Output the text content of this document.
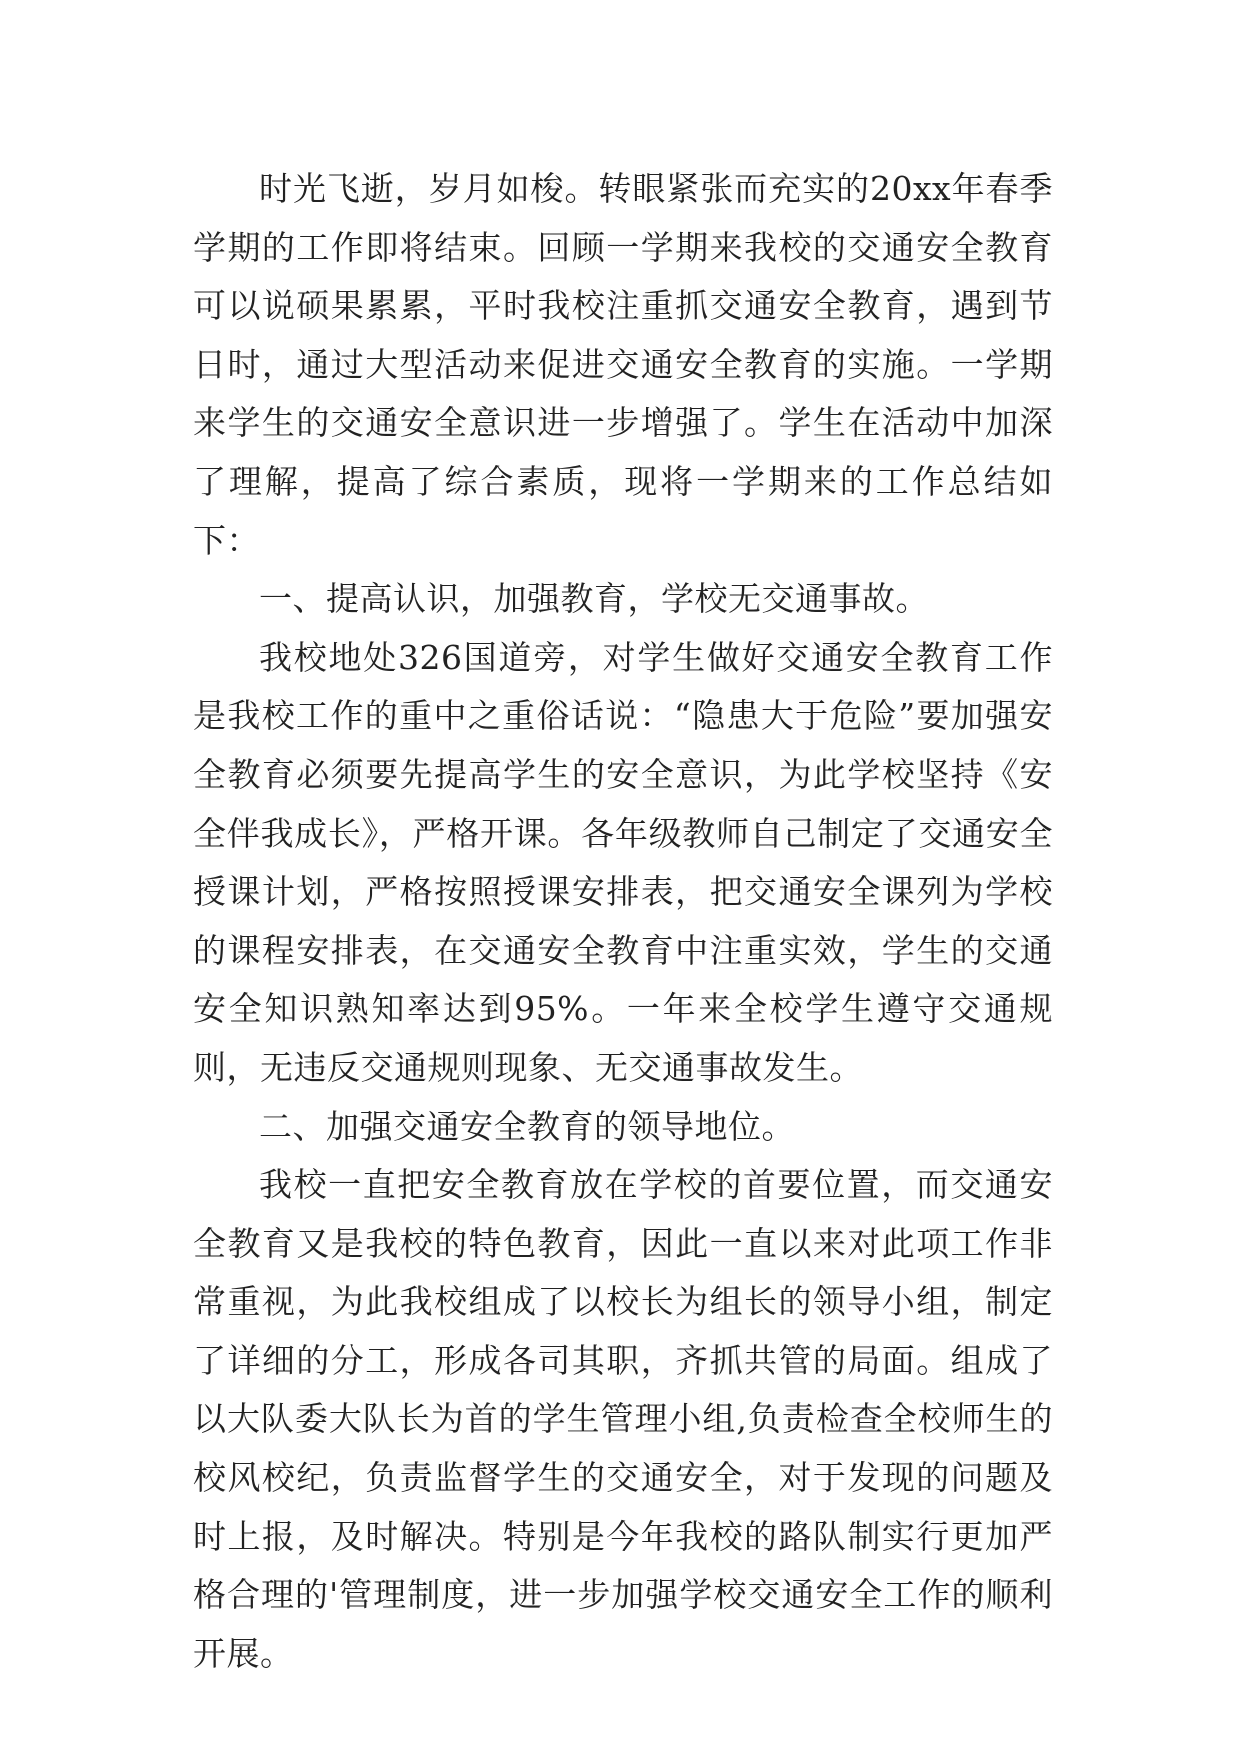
时光飞逝，岁月如梭。转眼紧张而充实的20xx年春季学期的工作即将结束。回顾一学期来我校的交通安全教育可以说硕果累累，平时我校注重抓交通安全教育，遇到节日时，通过大型活动来促进交通安全教育的实施。一学期来学生的交通安全意识进一步增强了。学生在活动中加深了理解，提高了综合素质，现将一学期来的工作总结如下：

一、提高认识，加强教育，学校无交通事故。

我校地处326国道旁，对学生做好交通安全教育工作是我校工作的重中之重俗话说：“隐患大于危险”要加强安全教育必须要先提高学生的安全意识，为此学校坚持《安全伴我成长》，严格开课。各年级教师自己制定了交通安全授课计划，严格按照授课安排表，把交通安全课列为学校的课程安排表，在交通安全教育中注重实效，学生的交通安全知识熟知率达到95%。一年来全校学生遵守交通规则，无违反交通规则现象、无交通事故发生。

二、加强交通安全教育的领导地位。

我校一直把安全教育放在学校的首要位置，而交通安全教育又是我校的特色教育，因此一直以来对此项工作非常重视，为此我校组成了以校长为组长的领导小组，制定了详细的分工，形成各司其职，齐抓共管的局面。组成了以大队委大队长为首的学生管理小组,负责检查全校师生的校风校纪，负责监督学生的交通安全，对于发现的问题及时上报，及时解决。特别是今年我校的路队制实行更加严格合理的'管理制度，进一步加强学校交通安全工作的顺利开展。
